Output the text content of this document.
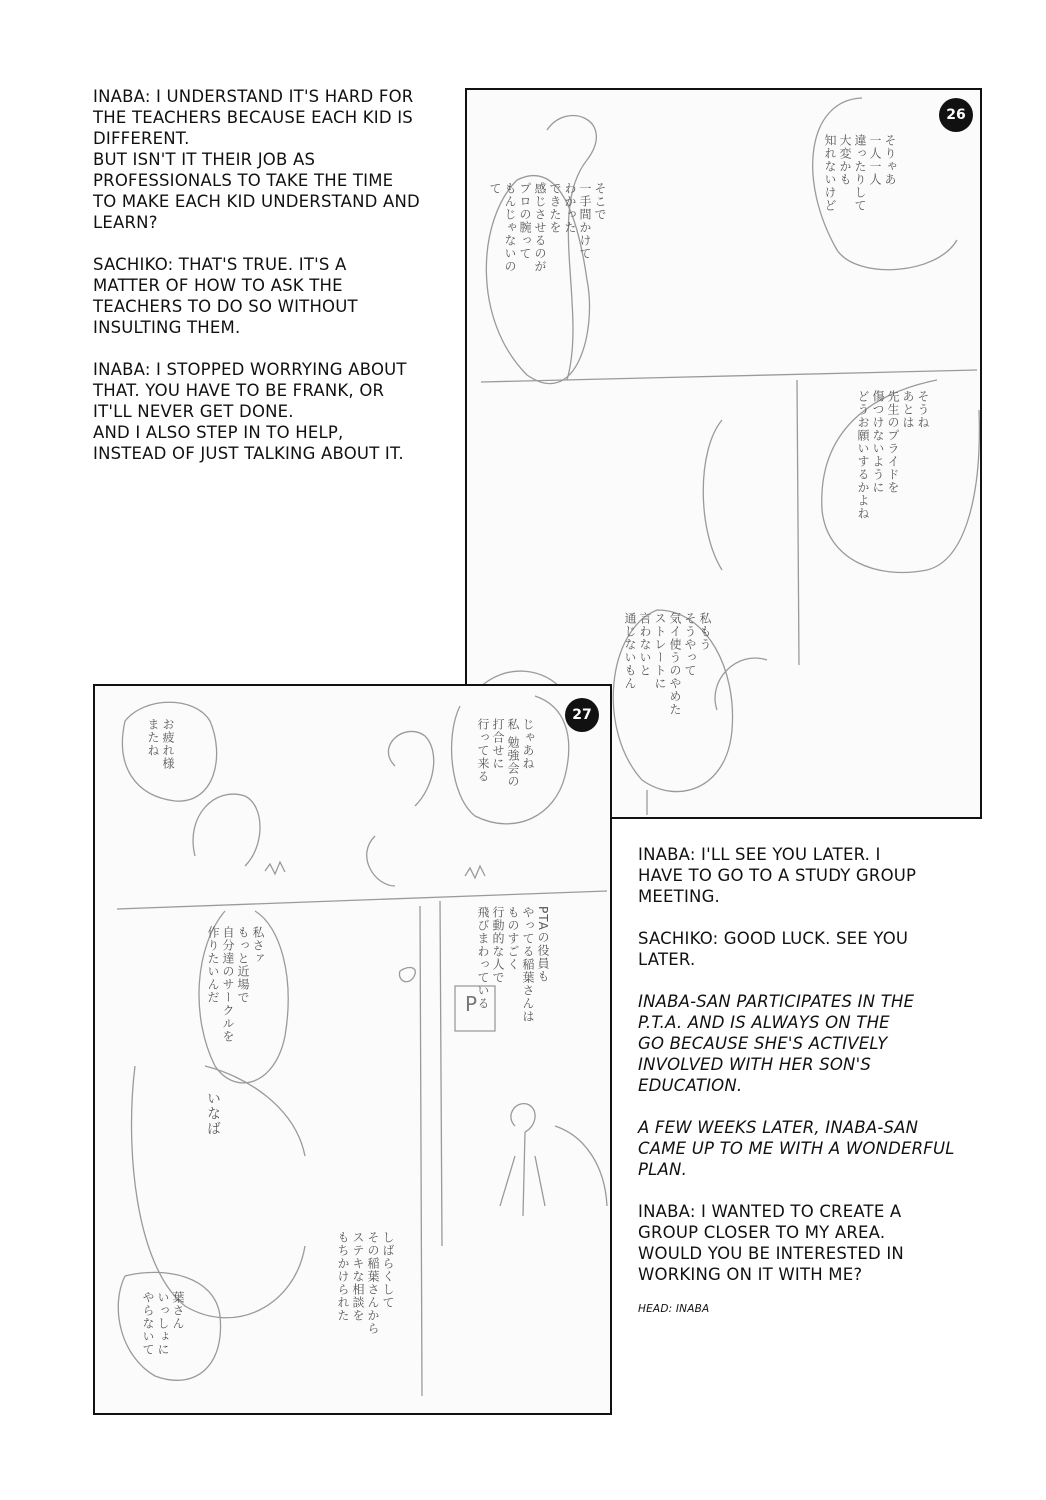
INABA: I UNDERSTAND IT'S HARD FOR
THE TEACHERS BECAUSE EACH KID IS
DIFFERENT.
BUT ISN'T IT THEIR JOB AS
PROFESSIONALS TO TAKE THE TIME
TO MAKE EACH KID UNDERSTAND AND
LEARN?

SACHIKO: THAT'S TRUE. IT'S A
MATTER OF HOW TO ASK THE
TEACHERS TO DO SO WITHOUT
INSULTING THEM.

INABA: I STOPPED WORRYING ABOUT
THAT. YOU HAVE TO BE FRANK, OR
IT'LL NEVER GET DONE.
AND I ALSO STEP IN TO HELP,
INSTEAD OF JUST TALKING ABOUT IT.

26
そりゃあ
一人一人
違ったりして
大変かも
知れないけど
そこで
一手間かけて
わかった
できたを
感じさせるのが
プロの腕って
もんじゃないの
て
そうね
あとは
先生のプライドを
傷つけないように
どうお願いするかよね
私もう
そうやって
気イ使うのやめた
ストレートに
言わないと
通じないもん
27
お疲れ様
またね	じゃあね
私 勉強会の
打合せに
行って来る
私さァ
もっと近場で
自分達のサークルを
作りたいんだ	PTAの役員も
やってる稲葉さんは
ものすごく
行動的な人で
飛びまわっている
いなば
葉さん
いっしょに
やらないて
しばらくして
その稲葉さんから
ステキな相談を
もちかけられた
P

INABA: I'LL SEE YOU LATER. I
HAVE TO GO TO A STUDY GROUP
MEETING.

SACHIKO: GOOD LUCK. SEE YOU
LATER.

INABA-SAN PARTICIPATES IN THE
P.T.A. AND IS ALWAYS ON THE
GO BECAUSE SHE'S ACTIVELY
INVOLVED WITH HER SON'S
EDUCATION.

A FEW WEEKS LATER, INABA-SAN
CAME UP TO ME WITH A WONDERFUL
PLAN.

INABA: I WANTED TO CREATE A
GROUP CLOSER TO MY AREA.
WOULD YOU BE INTERESTED IN
WORKING ON IT WITH ME?

HEAD: INABA
